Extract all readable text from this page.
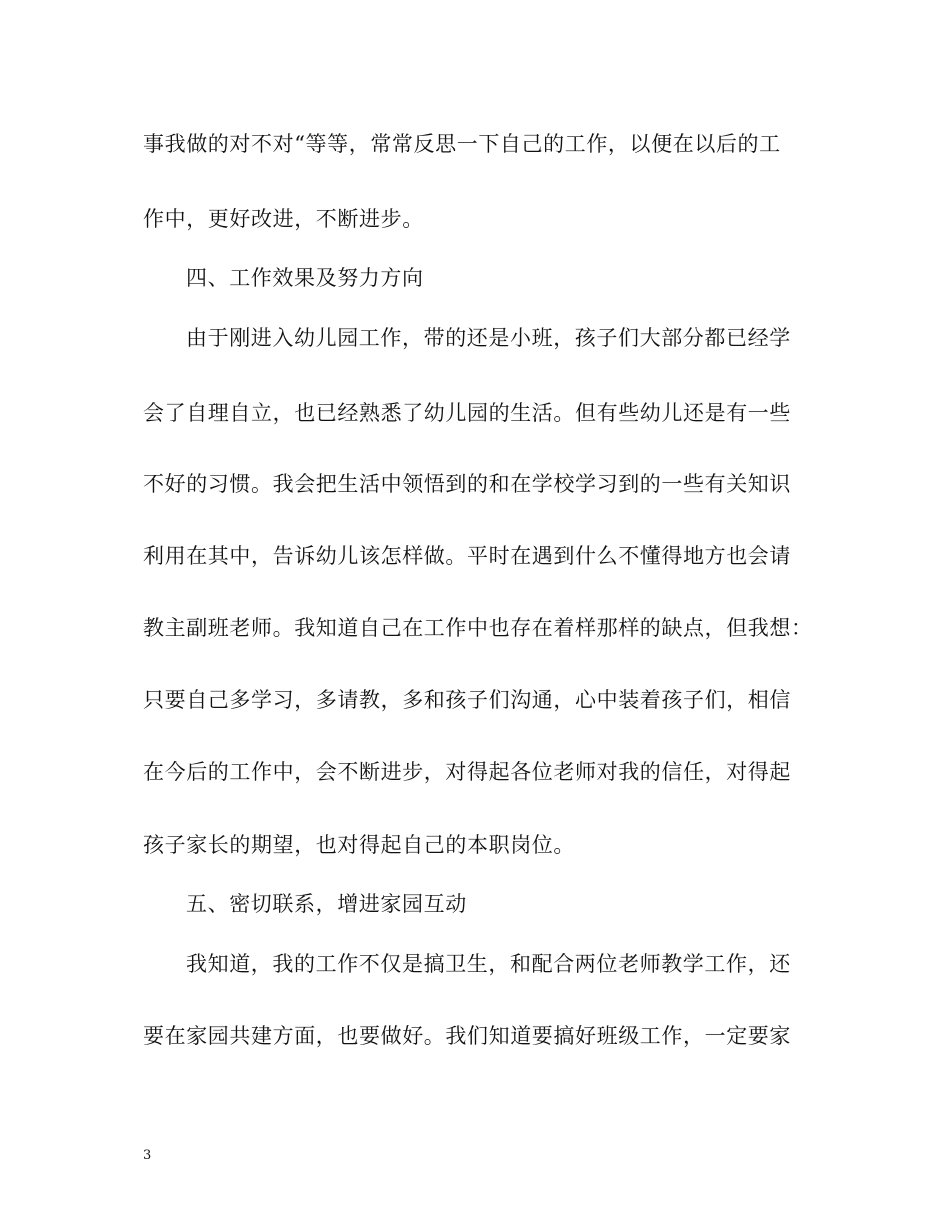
事我做的对不对“等等，常常反思一下自己的工作，以便在以后的工
作中，更好改进，不断进步。
四、工作效果及努力方向
由于刚进入幼儿园工作，带的还是小班，孩子们大部分都已经学
会了自理自立，也已经熟悉了幼儿园的生活。但有些幼儿还是有一些
不好的习惯。我会把生活中领悟到的和在学校学习到的一些有关知识
利用在其中，告诉幼儿该怎样做。平时在遇到什么不懂得地方也会请
教主副班老师。我知道自己在工作中也存在着样那样的缺点，但我想：
只要自己多学习，多请教，多和孩子们沟通，心中装着孩子们，相信
在今后的工作中，会不断进步，对得起各位老师对我的信任，对得起
孩子家长的期望，也对得起自己的本职岗位。
五、密切联系，增进家园互动
我知道，我的工作不仅是搞卫生，和配合两位老师教学工作，还
要在家园共建方面，也要做好。我们知道要搞好班级工作，一定要家
3
